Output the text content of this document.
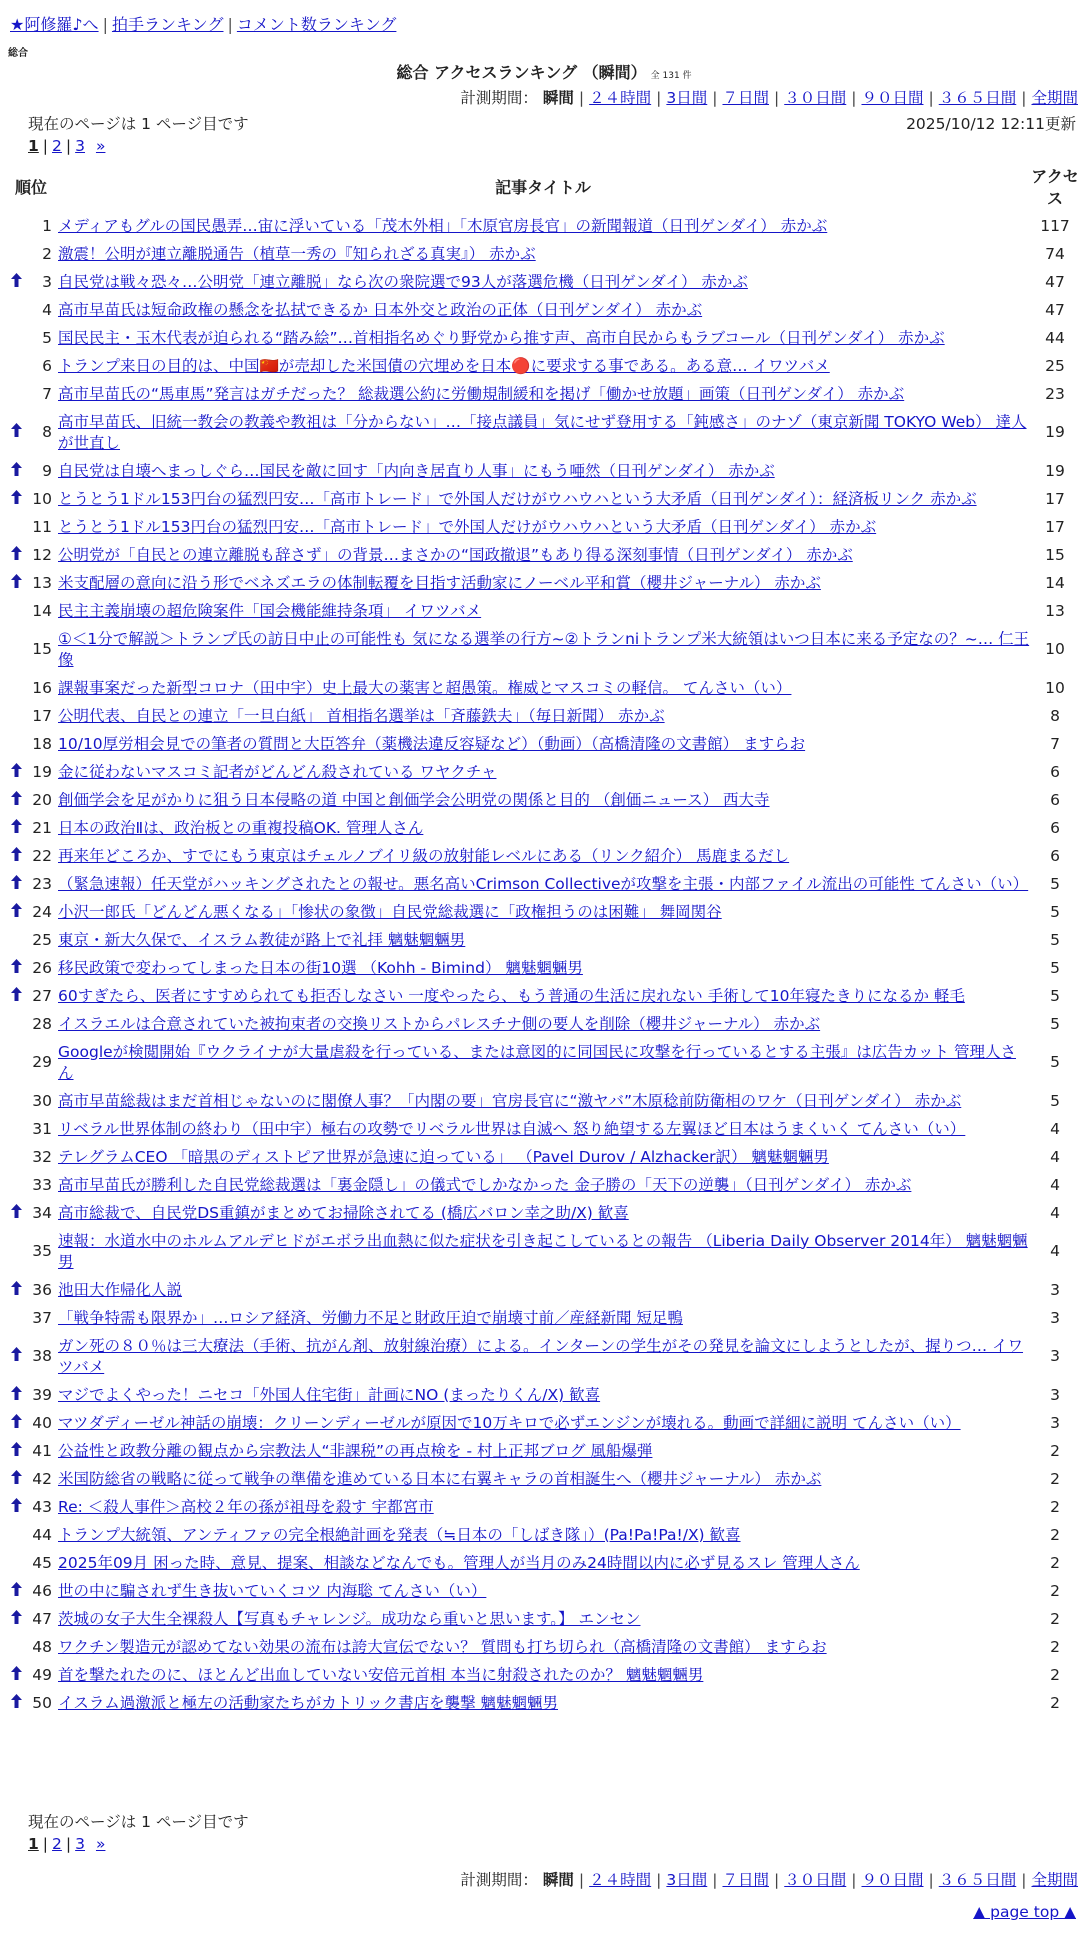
★阿修羅♪へ | 拍手ランキング | コメント数ランキング
総合
総合 アクセスランキング （瞬間） 全 131 件
計測期間： 瞬間 | ２４時間 | 3日間 | ７日間 | ３０日間 | ９０日間 | ３６５日間 | 全期間
現在のページは 1 ページ目です	2025/10/12 12:11更新
1 | 2 | 3 »
順位		記事タイトル	アクセス
	1	メディアもグルの国民愚弄…宙に浮いている「茂木外相」「木原官房長官」の新聞報道（日刊ゲンダイ） 赤かぶ	117
	2	激震！公明が連立離脱通告（植草一秀の『知られざる真実』） 赤かぶ	74
	3	自民党は戦々恐々…公明党「連立離脱」なら次の衆院選で93人が落選危機（日刊ゲンダイ） 赤かぶ	47
	4	高市早苗氏は短命政権の懸念を払拭できるか 日本外交と政治の正体（日刊ゲンダイ） 赤かぶ	47
	5	国民民主・玉木代表が迫られる“踏み絵”…首相指名めぐり野党から推す声、高市自民からもラブコール（日刊ゲンダイ） 赤かぶ	44
	6	トランプ来日の目的は、中国🇨🇳が売却した米国債の穴埋めを日本🔴に要求する事である。ある意… イワツバメ	25
	7	高市早苗氏の“馬車馬”発言はガチだった？ 総裁選公約に労働規制緩和を掲げ「働かせ放題」画策（日刊ゲンダイ） 赤かぶ	23
	8	高市早苗氏、旧統一教会の教義や教祖は「分からない」…「接点議員」気にせず登用する「鈍感さ」のナゾ（東京新聞 TOKYO Web） 達人が世直し	19
	9	自民党は自壊へまっしぐら…国民を敵に回す「内向き居直り人事」にもう唖然（日刊ゲンダイ） 赤かぶ	19
	10	とうとう1ドル153円台の猛烈円安…「高市トレード」で外国人だけがウハウハという大矛盾（日刊ゲンダイ）：経済板リンク 赤かぶ	17
	11	とうとう1ドル153円台の猛烈円安…「高市トレード」で外国人だけがウハウハという大矛盾（日刊ゲンダイ） 赤かぶ	17
	12	公明党が「自民との連立離脱も辞さず」の背景…まさかの“国政撤退”もあり得る深刻事情（日刊ゲンダイ） 赤かぶ	15
	13	米支配層の意向に沿う形でベネズエラの体制転覆を目指す活動家にノーベル平和賞（櫻井ジャーナル） 赤かぶ	14
	14	民主主義崩壊の超危険案件「国会機能維持条項」 イワツバメ	13
	15	①＜1分で解説＞トランプ氏の訪日中止の可能性も 気になる選挙の行方~②トランniトランプ米大統領はいつ日本に来る予定なの？~… 仁王像	10
	16	課報事案だった新型コロナ（田中宇）史上最大の薬害と超愚策。権威とマスコミの軽信。 てんさい（い）	10
	17	公明代表、自民との連立「一旦白紙」 首相指名選挙は「斉藤鉄夫」（毎日新聞） 赤かぶ	8
	18	10/10厚労相会見での筆者の質問と大臣答弁（薬機法違反容疑など）（動画）（高橋清隆の文書館） ますらお	7
	19	金に従わないマスコミ記者がどんどん殺されている ワヤクチャ	6
	20	創価学会を足がかりに狙う日本侵略の道 中国と創価学会公明党の関係と目的 （創価ニュース） 西大寺	6
	21	日本の政治Ⅱは、政治板との重複投稿OK. 管理人さん	6
	22	再来年どころか、すでにもう東京はチェルノブイリ級の放射能レベルにある（リンク紹介） 馬鹿まるだし	6
	23	（緊急速報）任天堂がハッキングされたとの報せ。悪名高いCrimson Collectiveが攻撃を主張・内部ファイル流出の可能性 てんさい（い）	5
	24	小沢一郎氏「どんどん悪くなる」「惨状の象徴」自民党総裁選に「政権担うのは困難」 舞岡関谷	5
	25	東京・新大久保で、イスラム教徒が路上で礼拝 魑魅魍魎男	5
	26	移民政策で変わってしまった日本の街10選 （Kohh - Bimind） 魑魅魍魎男	5
	27	60すぎたら、医者にすすめられても拒否しなさい 一度やったら、もう普通の生活に戻れない 手術して10年寝たきりになるか 軽毛	5
	28	イスラエルは合意されていた被拘束者の交換リストからパレスチナ側の要人を削除（櫻井ジャーナル） 赤かぶ	5
	29	Googleが検閲開始『ウクライナが大量虐殺を行っている、または意図的に同国民に攻撃を行っているとする主張』は広告カット 管理人さん	5
	30	高市早苗総裁はまだ首相じゃないのに閣僚人事？「内閣の要」官房長官に“激ヤバ”木原稔前防衛相のワケ（日刊ゲンダイ） 赤かぶ	5
	31	リベラル世界体制の終わり（田中宇）極右の攻勢でリベラル世界は自滅へ 怒り絶望する左翼ほど日本はうまくいく てんさい（い）	4
	32	テレグラムCEO 「暗黒のディストピア世界が急速に迫っている」 （Pavel Durov / Alzhacker訳） 魑魅魍魎男	4
	33	高市早苗氏が勝利した自民党総裁選は「裏金隠し」の儀式でしかなかった 金子勝の「天下の逆襲」（日刊ゲンダイ） 赤かぶ	4
	34	高市総裁で、自民党DS重鎮がまとめてお掃除されてる (橋広バロン幸之助/X) 歓喜	4
	35	速報：水道水中のホルムアルデヒドがエボラ出血熱に似た症状を引き起こしているとの報告 （Liberia Daily Observer 2014年） 魑魅魍魎男	4
	36	池田大作帰化人説	3
	37	「戦争特需も限界か」…ロシア経済、労働力不足と財政圧迫で崩壊寸前／産経新聞 短足鴨	3
	38	ガン死の８０％は三大療法（手術、抗がん剤、放射線治療）による。インターンの学生がその発見を論文にしようとしたが、握りつ… イワツバメ	3
	39	マジでよくやった！ニセコ「外国人住宅街」計画にNO (まったりくん/X) 歓喜	3
	40	マツダディーゼル神話の崩壊：クリーンディーゼルが原因で10万キロで必ずエンジンが壊れる。動画で詳細に説明 てんさい（い）	3
	41	公益性と政教分離の観点から宗教法人“非課税”の再点検を - 村上正邦ブログ 風船爆弾	2
	42	米国防総省の戦略に従って戦争の準備を進めている日本に右翼キャラの首相誕生へ（櫻井ジャーナル） 赤かぶ	2
	43	Re: ＜殺人事件＞高校２年の孫が祖母を殺す 宇都宮市	2
	44	トランプ大統領、アンティファの完全根絶計画を発表（≒日本の「しばき隊」）(Pa!Pa!Pa!/X) 歓喜	2
	45	2025年09月 困った時、意見、提案、相談などなんでも。管理人が当月のみ24時間以内に必ず見るスレ 管理人さん	2
	46	世の中に騙されず生き抜いていくコツ 内海聡 てんさい（い）	2
	47	茨城の女子大生全裸殺人【写真もチャレンジ。成功なら重いと思います。】 エンセン	2
	48	ワクチン製造元が認めてない効果の流布は誇大宣伝でない？ 質問も打ち切られ（高橋清隆の文書館） ますらお	2
	49	首を撃たれたのに、ほとんど出血していない安倍元首相 本当に射殺されたのか？ 魑魅魍魎男	2
	50	イスラム過激派と極左の活動家たちがカトリック書店を襲撃 魑魅魍魎男	2
現在のページは 1 ページ目です
1 | 2 | 3 »
計測期間： 瞬間 | ２４時間 | 3日間 | ７日間 | ３０日間 | ９０日間 | ３６５日間 | 全期間
▲ page top ▲
